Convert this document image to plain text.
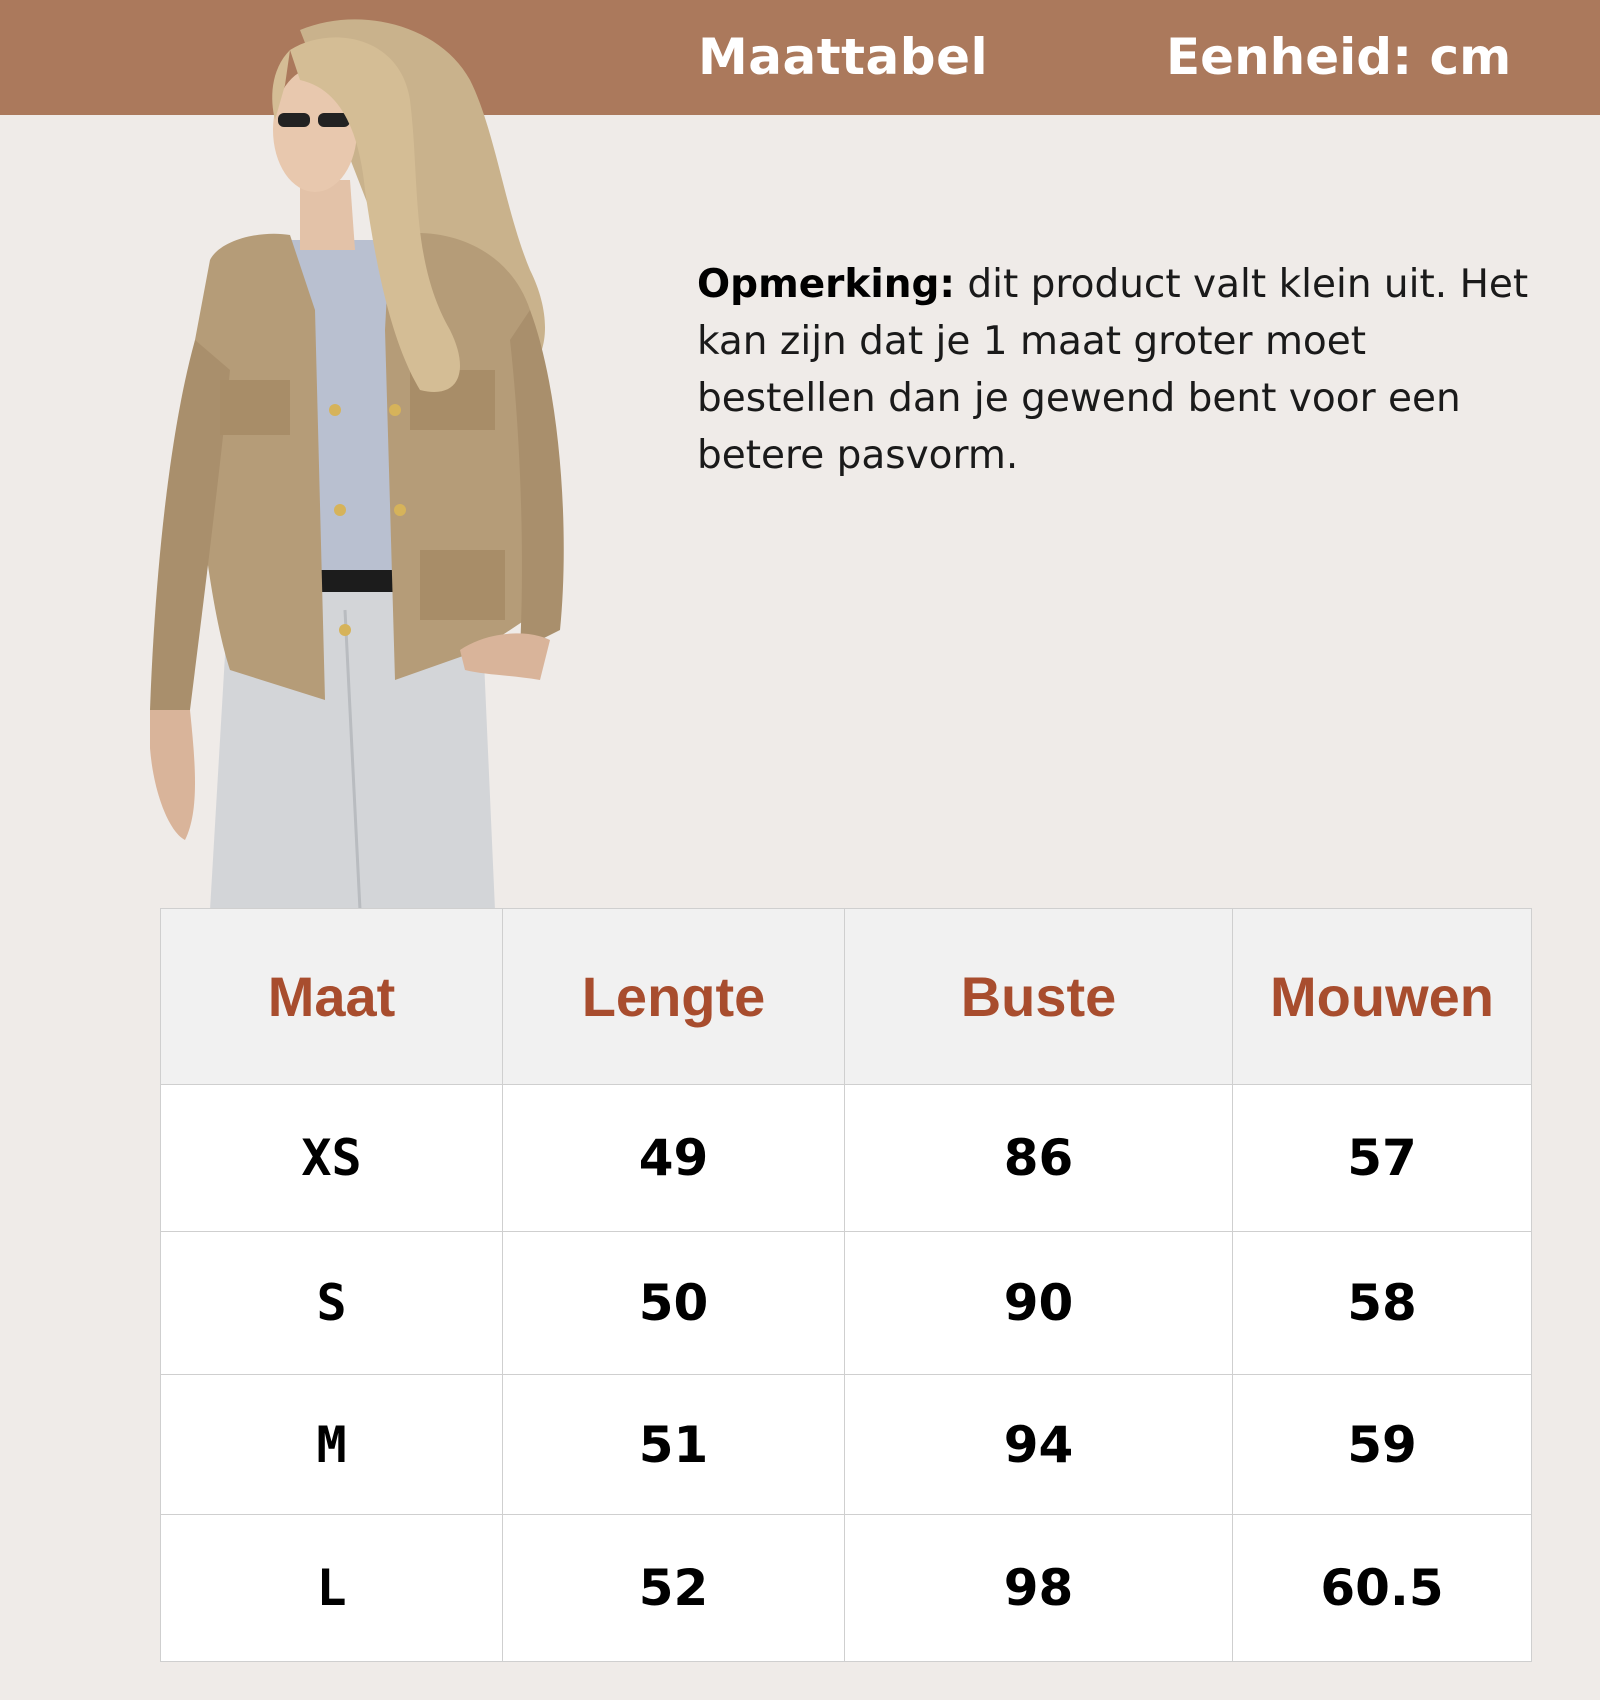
Maattabel	Eenheid: cm
Opmerking: dit product valt klein uit. Het kan zijn dat je 1 maat groter moet bestellen dan je gewend bent voor een betere pasvorm.
Maat	Lengte	Buste	Mouwen
XS	49	86	57
S	50	90	58
M	51	94	59
L	52	98	60.5
